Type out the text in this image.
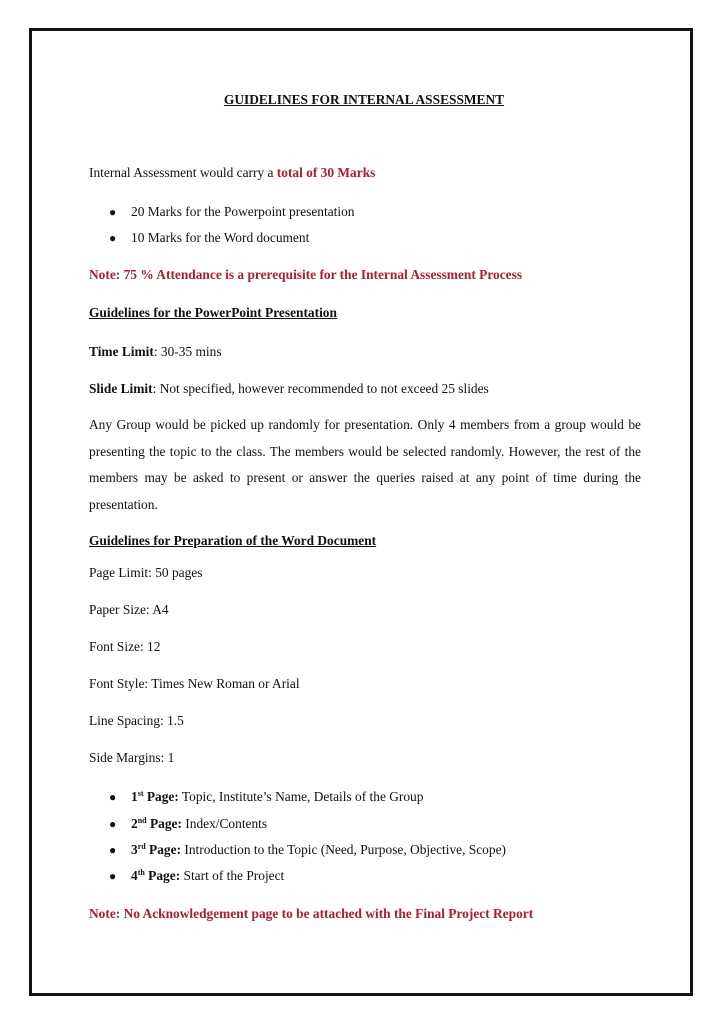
GUIDELINES FOR INTERNAL ASSESSMENT

Internal Assessment would carry a total of 30 Marks

● 20 Marks for the Powerpoint presentation
● 10 Marks for the Word document

Note: 75 % Attendance is a prerequisite for the Internal Assessment Process

Guidelines for the PowerPoint Presentation

Time Limit: 30-35 mins

Slide Limit: Not specified, however recommended to not exceed 25 slides

Any Group would be picked up randomly for presentation. Only 4 members from a group would be presenting the topic to the class. The members would be selected randomly. However, the rest of the members may be asked to present or answer the queries raised at any point of time during the presentation.

Guidelines for Preparation of the Word Document

Page Limit: 50 pages

Paper Size: A4

Font Size: 12

Font Style: Times New Roman or Arial

Line Spacing: 1.5

Side Margins: 1

● 1st Page: Topic, Institute’s Name, Details of the Group
● 2nd Page: Index/Contents
● 3rd Page: Introduction to the Topic (Need, Purpose, Objective, Scope)
● 4th Page: Start of the Project

Note: No Acknowledgement page to be attached with the Final Project Report
